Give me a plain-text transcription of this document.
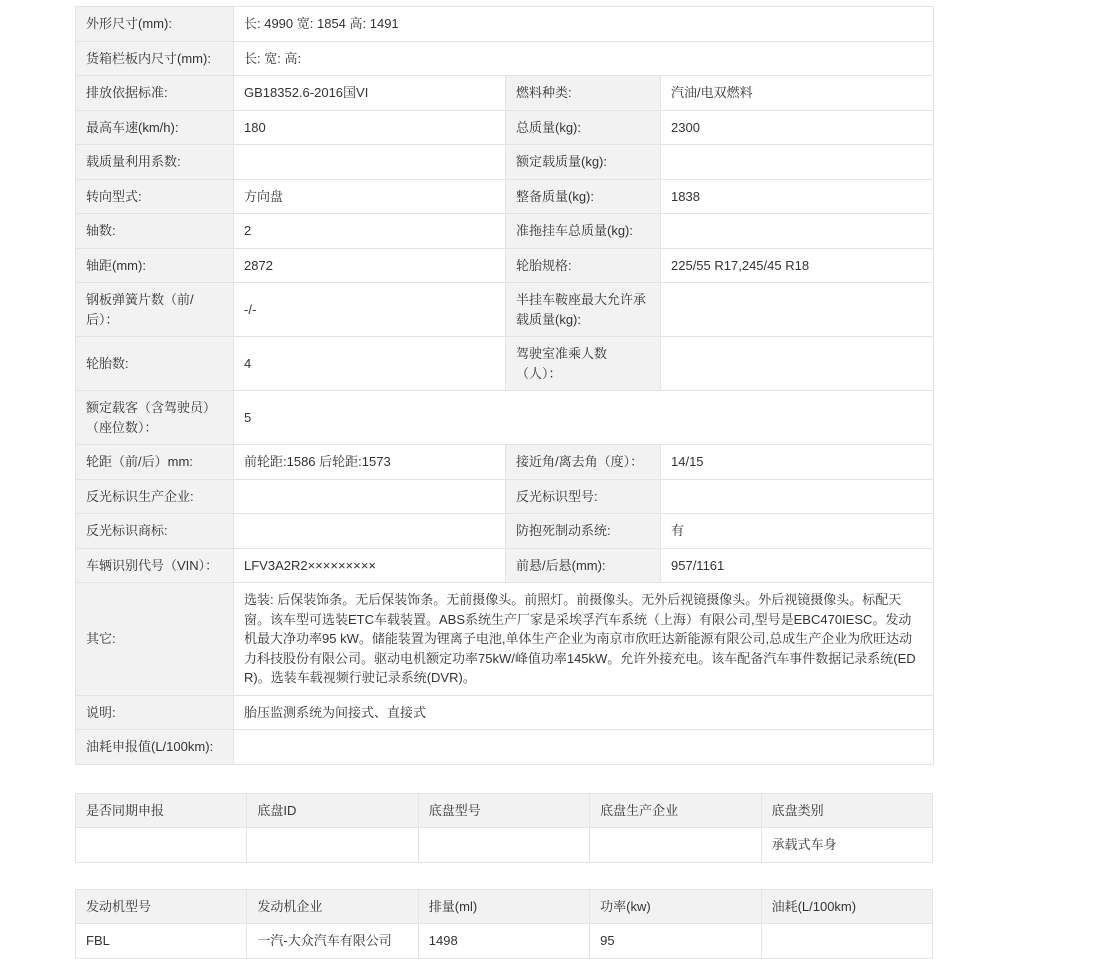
外形尺寸(mm):	长: 4990 宽: 1854 高: 1491		
货箱栏板内尺寸(mm):	长: 宽: 高:		
排放依据标准:	GB18352.6-2016国VI	燃料种类:	汽油/电双燃料
最高车速(km/h):	180	总质量(kg):	2300
载质量利用系数:		额定载质量(kg):	
转向型式:	方向盘	整备质量(kg):	1838
轴数:	2	准拖挂车总质量(kg):	
轴距(mm):	2872	轮胎规格:	225/55 R17,245/45 R18
钢板弹簧片数（前/后）：	-/-	半挂车鞍座最大允许承载质量(kg):	
轮胎数:	4	驾驶室准乘人数（人）：	
额定载客（含驾驶员）（座位数）：	5		
轮距（前/后）mm:	前轮距:1586 后轮距:1573	接近角/离去角（度）：	14/15
反光标识生产企业:		反光标识型号:	
反光标识商标:		防抱死制动系统:	有
车辆识别代号（VIN）：	LFV3A2R2×××××××××	前悬/后悬(mm):	957/1161
其它:	选装: 后保装饰条。无后保装饰条。无前摄像头。前照灯。前摄像头。无外后视镜摄像头。外后视镜摄像头。标配天窗。该车型可选装ETC车载装置。ABS系统生产厂家是采埃孚汽车系统（上海）有限公司,型号是EBC470IESC。发动机最大净功率95 kW。储能装置为锂离子电池,单体生产企业为南京市欣旺达新能源有限公司,总成生产企业为欣旺达动力科技股份有限公司。驱动电机额定功率75kW/峰值功率145kW。允许外接充电。该车配备汽车事件数据记录系统(EDR)。选装车载视频行驶记录系统(DVR)。		
说明:	胎压监测系统为间接式、直接式		
油耗申报值(L/100km):			
是否同期申报	底盘ID	底盘型号	底盘生产企业	底盘类别
				承载式车身
发动机型号	发动机企业	排量(ml)	功率(kw)	油耗(L/100km)
FBL	一汽-大众汽车有限公司	1498	95	
